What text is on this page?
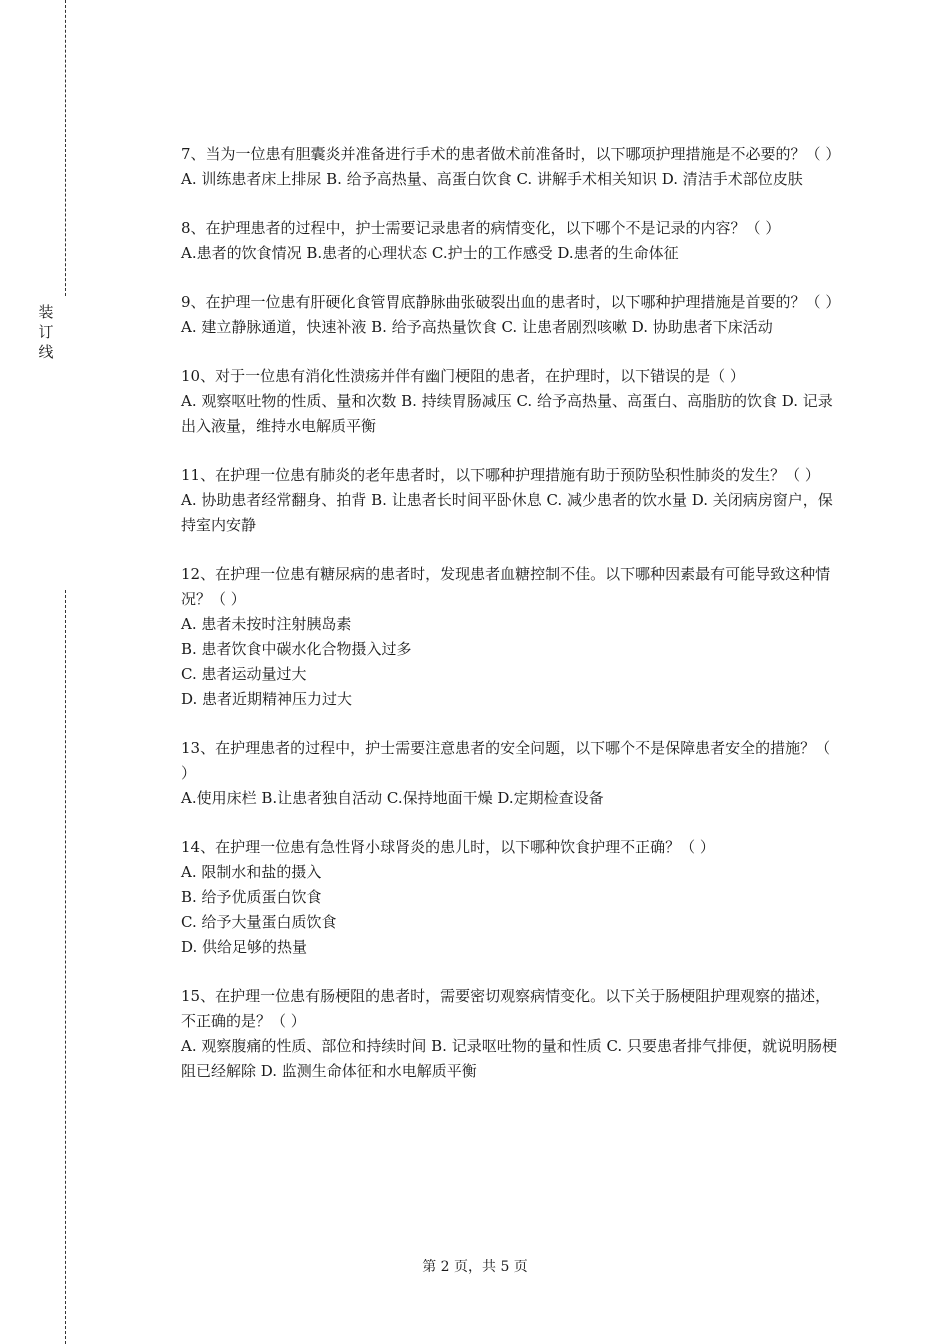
装
订
线

7、当为一位患有胆囊炎并准备进行手术的患者做术前准备时，以下哪项护理措施是不必要的？（ ）

A. 训练患者床上排尿 B. 给予高热量、高蛋白饮食 C. 讲解手术相关知识 D. 清洁手术部位皮肤

8、在护理患者的过程中，护士需要记录患者的病情变化，以下哪个不是记录的内容？（ ）

A.患者的饮食情况 B.患者的心理状态 C.护士的工作感受 D.患者的生命体征

9、在护理一位患有肝硬化食管胃底静脉曲张破裂出血的患者时，以下哪种护理措施是首要的？（ ）

A. 建立静脉通道，快速补液 B. 给予高热量饮食 C. 让患者剧烈咳嗽 D. 协助患者下床活动

10、对于一位患有消化性溃疡并伴有幽门梗阻的患者，在护理时，以下错误的是（ ）

A. 观察呕吐物的性质、量和次数 B. 持续胃肠减压 C. 给予高热量、高蛋白、高脂肪的饮食 D. 记录出入液量，维持水电解质平衡

11、在护理一位患有肺炎的老年患者时，以下哪种护理措施有助于预防坠积性肺炎的发生？（ ）

A. 协助患者经常翻身、拍背 B. 让患者长时间平卧休息 C. 减少患者的饮水量 D. 关闭病房窗户，保持室内安静

12、在护理一位患有糖尿病的患者时，发现患者血糖控制不佳。以下哪种因素最有可能导致这种情况？（ ）

A. 患者未按时注射胰岛素

B. 患者饮食中碳水化合物摄入过多

C. 患者运动量过大

D. 患者近期精神压力过大

13、在护理患者的过程中，护士需要注意患者的安全问题，以下哪个不是保障患者安全的措施？（ ）

A.使用床栏 B.让患者独自活动 C.保持地面干燥 D.定期检查设备

14、在护理一位患有急性肾小球肾炎的患儿时，以下哪种饮食护理不正确？（ ）

A. 限制水和盐的摄入

B. 给予优质蛋白饮食

C. 给予大量蛋白质饮食

D. 供给足够的热量

15、在护理一位患有肠梗阻的患者时，需要密切观察病情变化。以下关于肠梗阻护理观察的描述，不正确的是？（ ）

A. 观察腹痛的性质、部位和持续时间 B. 记录呕吐物的量和性质 C. 只要患者排气排便，就说明肠梗阻已经解除 D. 监测生命体征和水电解质平衡

第 2 页，共 5 页
